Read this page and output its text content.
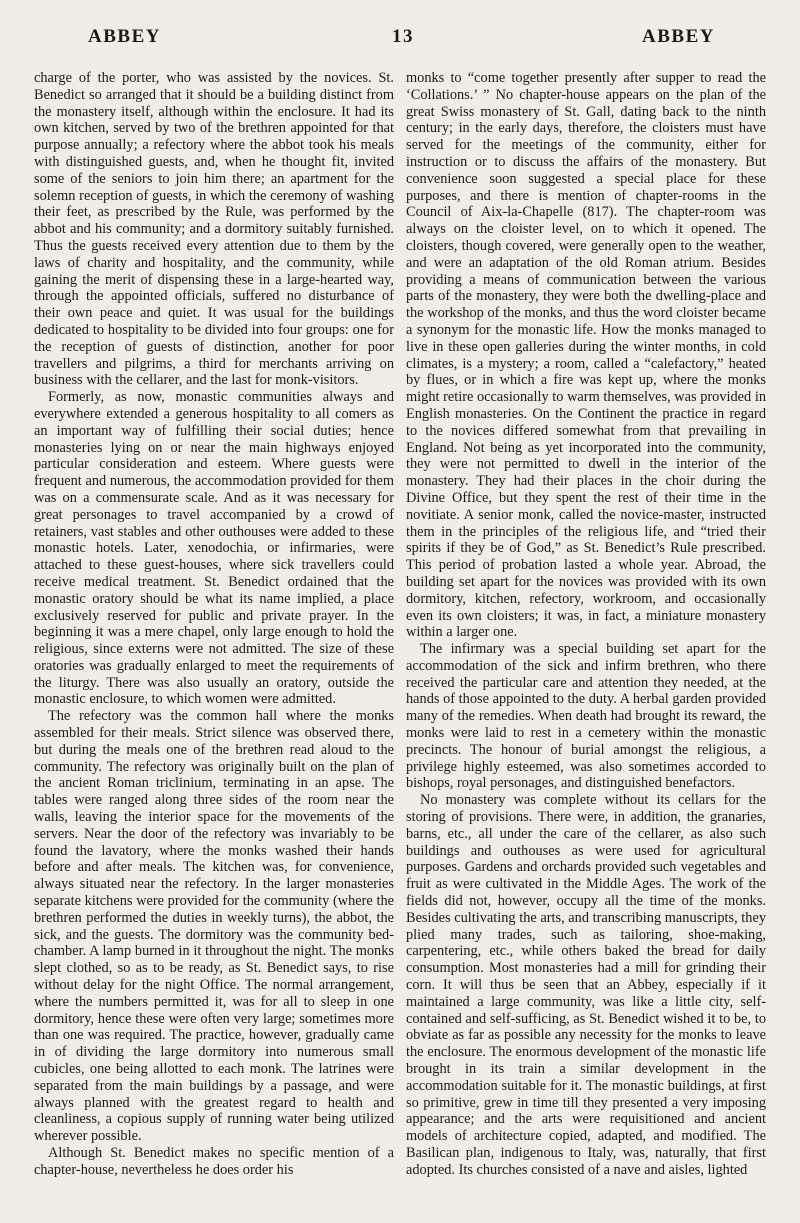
ABBEY	13	ABBEY

charge of the porter, who was assisted by the novices. St. Benedict so arranged that it should be a building distinct from the monastery itself, although within the enclosure. It had its own kitchen, served by two of the brethren appointed for that purpose annually; a refectory where the abbot took his meals with distinguished guests, and, when he thought fit, invited some of the seniors to join him there; an apartment for the solemn reception of guests, in which the ceremony of washing their feet, as prescribed by the Rule, was performed by the abbot and his community; and a dormitory suitably furnished. Thus the guests received every attention due to them by the laws of charity and hospitality, and the community, while gaining the merit of dispensing these in a large-hearted way, through the appointed officials, suffered no disturbance of their own peace and quiet. It was usual for the buildings dedicated to hospitality to be divided into four groups: one for the reception of guests of distinction, another for poor travellers and pilgrims, a third for merchants arriving on business with the cellarer, and the last for monk-visitors.

Formerly, as now, monastic communities always and everywhere extended a generous hospitality to all comers as an important way of fulfilling their social duties; hence monasteries lying on or near the main highways enjoyed particular consideration and esteem. Where guests were frequent and numerous, the accommodation provided for them was on a commensurate scale. And as it was necessary for great personages to travel accompanied by a crowd of retainers, vast stables and other outhouses were added to these monastic hotels. Later, xenodochia, or infirmaries, were attached to these guest-houses, where sick travellers could receive medical treatment. St. Benedict ordained that the monastic oratory should be what its name implied, a place exclusively reserved for public and private prayer. In the beginning it was a mere chapel, only large enough to hold the religious, since externs were not admitted. The size of these oratories was gradually enlarged to meet the requirements of the liturgy. There was also usually an oratory, outside the monastic enclosure, to which women were admitted.

The refectory was the common hall where the monks assembled for their meals. Strict silence was observed there, but during the meals one of the brethren read aloud to the community. The refectory was originally built on the plan of the ancient Roman triclinium, terminating in an apse. The tables were ranged along three sides of the room near the walls, leaving the interior space for the movements of the servers. Near the door of the refectory was invariably to be found the lavatory, where the monks washed their hands before and after meals. The kitchen was, for convenience, always situated near the refectory. In the larger monasteries separate kitchens were provided for the community (where the brethren performed the duties in weekly turns), the abbot, the sick, and the guests. The dormitory was the community bed-chamber. A lamp burned in it throughout the night. The monks slept clothed, so as to be ready, as St. Benedict says, to rise without delay for the night Office. The normal arrangement, where the numbers permitted it, was for all to sleep in one dormitory, hence these were often very large; sometimes more than one was required. The practice, however, gradually came in of dividing the large dormitory into numerous small cubicles, one being allotted to each monk. The latrines were separated from the main buildings by a passage, and were always planned with the greatest regard to health and cleanliness, a copious supply of running water being utilized wherever possible.

Although St. Benedict makes no specific mention of a chapter-house, nevertheless he does order his

monks to “come together presently after supper to read the ‘Collations.’ ” No chapter-house appears on the plan of the great Swiss monastery of St. Gall, dating back to the ninth century; in the early days, therefore, the cloisters must have served for the meetings of the community, either for instruction or to discuss the affairs of the monastery. But convenience soon suggested a special place for these purposes, and there is mention of chapter-rooms in the Council of Aix-la-Chapelle (817). The chapter-room was always on the cloister level, on to which it opened. The cloisters, though covered, were generally open to the weather, and were an adaptation of the old Roman atrium. Besides providing a means of communication between the various parts of the monastery, they were both the dwelling-place and the workshop of the monks, and thus the word cloister became a synonym for the monastic life. How the monks managed to live in these open galleries during the winter months, in cold climates, is a mystery; a room, called a “calefactory,” heated by flues, or in which a fire was kept up, where the monks might retire occasionally to warm themselves, was provided in English monasteries. On the Continent the practice in regard to the novices differed somewhat from that prevailing in England. Not being as yet incorporated into the community, they were not permitted to dwell in the interior of the monastery. They had their places in the choir during the Divine Office, but they spent the rest of their time in the novitiate. A senior monk, called the novice-master, instructed them in the principles of the religious life, and “tried their spirits if they be of God,” as St. Benedict’s Rule prescribed. This period of probation lasted a whole year. Abroad, the building set apart for the novices was provided with its own dormitory, kitchen, refectory, workroom, and occasionally even its own cloisters; it was, in fact, a miniature monastery within a larger one.

The infirmary was a special building set apart for the accommodation of the sick and infirm brethren, who there received the particular care and attention they needed, at the hands of those appointed to the duty. A herbal garden provided many of the remedies. When death had brought its reward, the monks were laid to rest in a cemetery within the monastic precincts. The honour of burial amongst the religious, a privilege highly esteemed, was also sometimes accorded to bishops, royal personages, and distinguished benefactors.

No monastery was complete without its cellars for the storing of provisions. There were, in addition, the granaries, barns, etc., all under the care of the cellarer, as also such buildings and outhouses as were used for agricultural purposes. Gardens and orchards provided such vegetables and fruit as were cultivated in the Middle Ages. The work of the fields did not, however, occupy all the time of the monks. Besides cultivating the arts, and transcribing manuscripts, they plied many trades, such as tailoring, shoe-making, carpentering, etc., while others baked the bread for daily consumption. Most monasteries had a mill for grinding their corn. It will thus be seen that an Abbey, especially if it maintained a large community, was like a little city, self-contained and self-sufficing, as St. Benedict wished it to be, to obviate as far as possible any necessity for the monks to leave the enclosure. The enormous development of the monastic life brought in its train a similar development in the accommodation suitable for it. The monastic buildings, at first so primitive, grew in time till they presented a very imposing appearance; and the arts were requisitioned and ancient models of architecture copied, adapted, and modified. The Basilican plan, indigenous to Italy, was, naturally, that first adopted. Its churches consisted of a nave and aisles, lighted
